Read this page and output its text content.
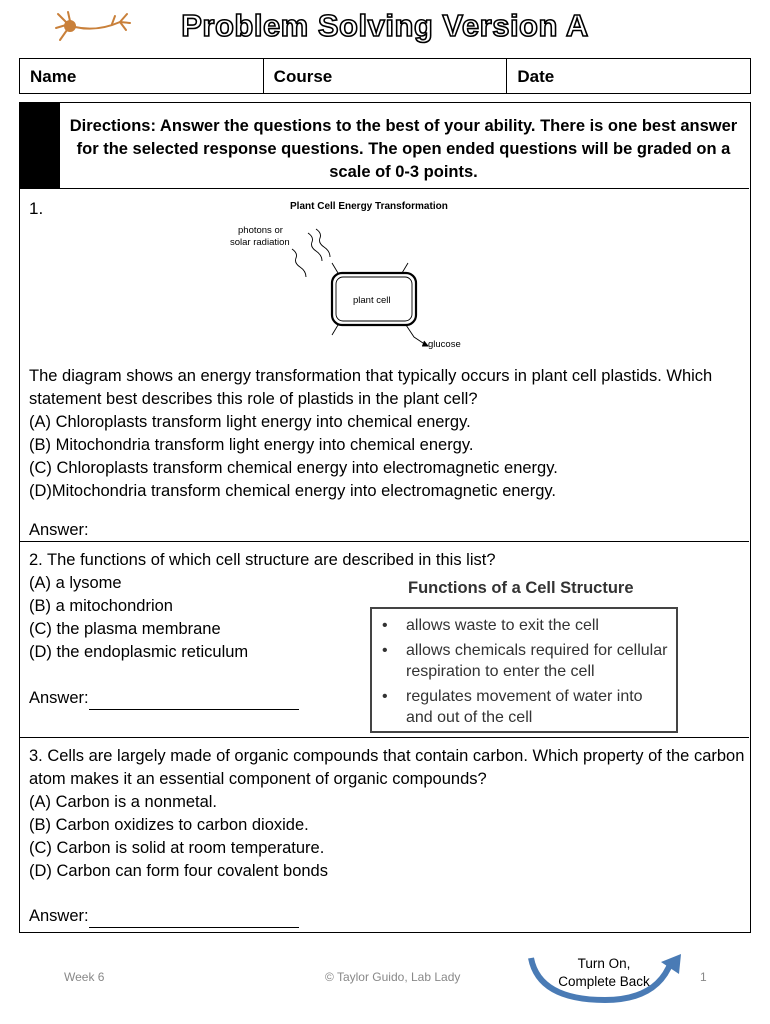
Problem Solving Version A
Name	Course	Date
Directions: Answer the questions to the best of your ability. There is one best answer for the selected response questions. The open ended questions will be graded on a scale of 0-3 points.
1.	Plant Cell Energy Transformation
photons or
solar radiation
plant cell
glucose
The diagram shows an energy transformation that typically occurs in plant cell plastids. Which
statement best describes this role of plastids in the plant cell?
(A) Chloroplasts transform light energy into chemical energy.
(B) Mitochondria transform light energy into chemical energy.
(C) Chloroplasts transform chemical energy into electromagnetic energy.
(D)Mitochondria transform chemical energy into electromagnetic energy.
Answer:
2. The functions of which cell structure are described in this list?
(A) a lysome
(B) a mitochondrion
(C) the plasma membrane
(D) the endoplasmic reticulum
Answer:
Functions of a Cell Structure
•	allows waste to exit the cell
•	allows chemicals required for cellular respiration to enter the cell
•	regulates movement of water into and out of the cell
3. Cells are largely made of organic compounds that contain carbon. Which property of the carbon
atom makes it an essential component of organic compounds?
(A) Carbon is a nonmetal.
(B) Carbon oxidizes to carbon dioxide.
(C) Carbon is solid at room temperature.
(D) Carbon can form four covalent bonds
Answer:
Week 6	© Taylor Guido, Lab Lady	1
Turn On,
Complete Back
